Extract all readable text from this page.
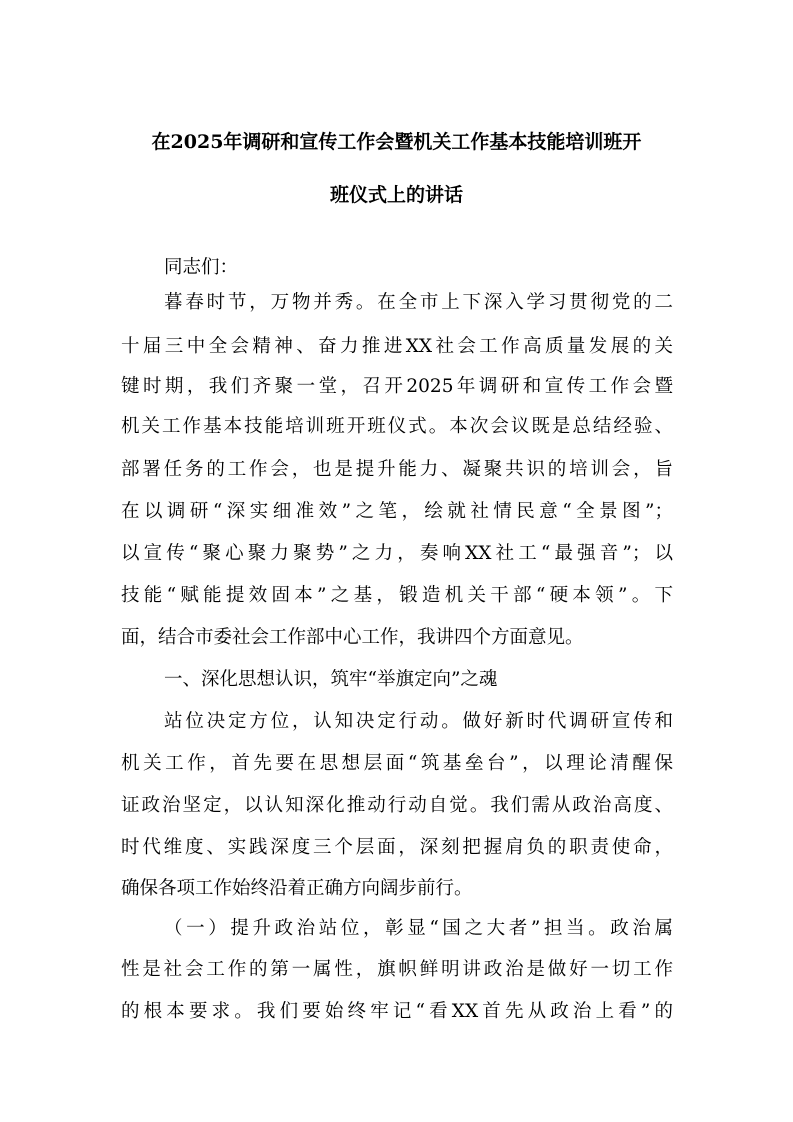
在2025年调研和宣传工作会暨机关工作基本技能培训班开
班仪式上的讲话
同志们：
暮春时节，万物并秀。在全市上下深入学习贯彻党的二
十届三中全会精神、奋力推进XX社会工作高质量发展的关
键时期，我们齐聚一堂，召开2025年调研和宣传工作会暨
机关工作基本技能培训班开班仪式。本次会议既是总结经验、
部署任务的工作会，也是提升能力、凝聚共识的培训会，旨
在以调研“深实细准效”之笔，绘就社情民意“全景图”；
以宣传“聚心聚力聚势”之力，奏响XX社工“最强音”；以
技能“赋能提效固本”之基，锻造机关干部“硬本领”。下
面，结合市委社会工作部中心工作，我讲四个方面意见。
一、深化思想认识，筑牢“举旗定向”之魂
站位决定方位，认知决定行动。做好新时代调研宣传和
机关工作，首先要在思想层面“筑基垒台”，以理论清醒保
证政治坚定，以认知深化推动行动自觉。我们需从政治高度、
时代维度、实践深度三个层面，深刻把握肩负的职责使命，
确保各项工作始终沿着正确方向阔步前行。
（一）提升政治站位，彰显“国之大者”担当。政治属
性是社会工作的第一属性，旗帜鲜明讲政治是做好一切工作
的根本要求。我们要始终牢记“看XX首先从政治上看”的
